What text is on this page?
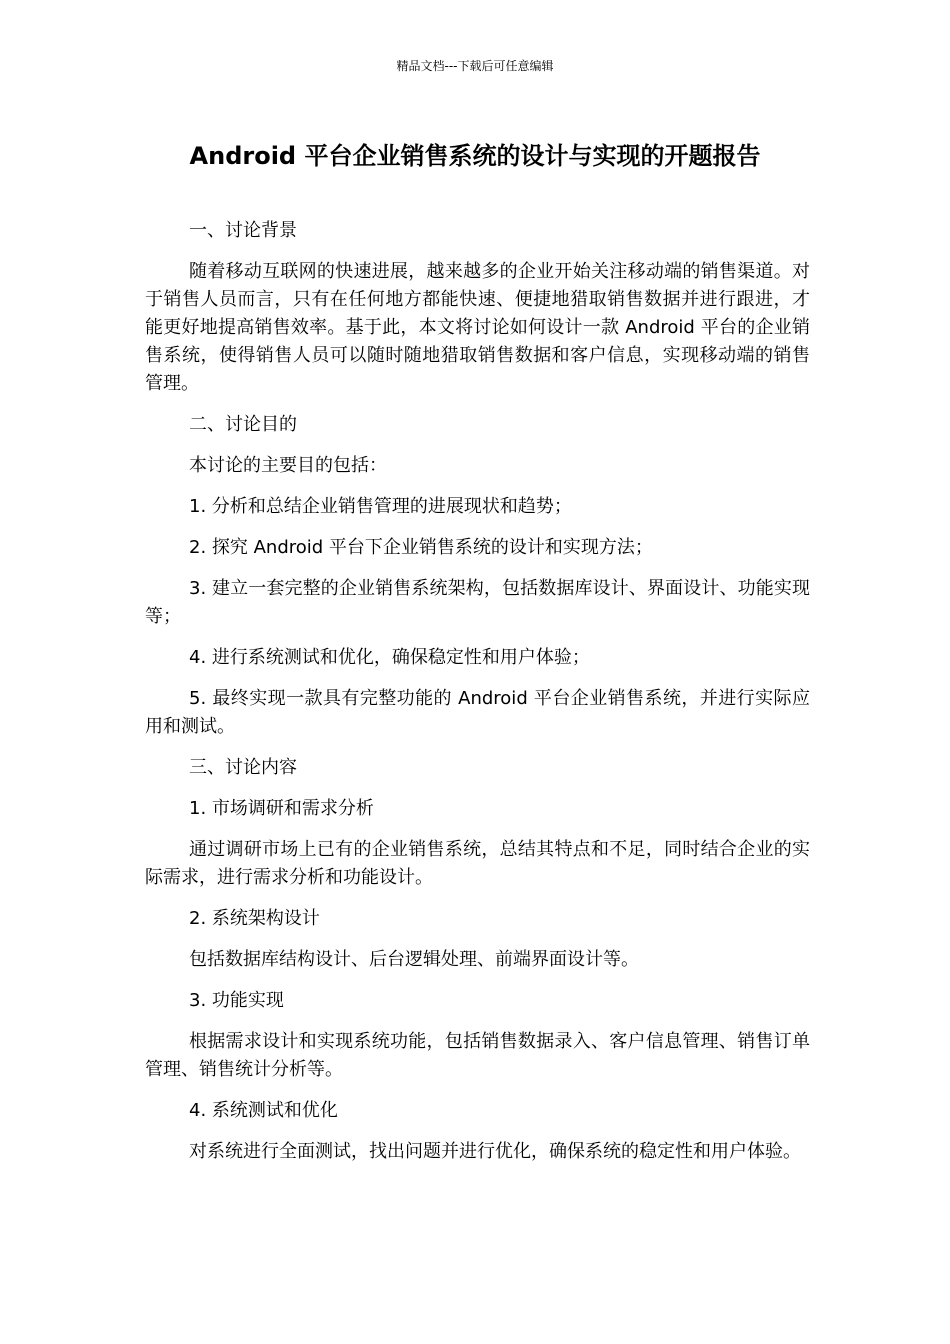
精品文档---下载后可任意编辑
Android 平台企业销售系统的设计与实现的开题报告

一、讨论背景

随着移动互联网的快速进展，越来越多的企业开始关注移动端的销售渠道。对于销售人员而言，只有在任何地方都能快速、便捷地猎取销售数据并进行跟进，才能更好地提高销售效率。基于此，本文将讨论如何设计一款 Android 平台的企业销售系统，使得销售人员可以随时随地猎取销售数据和客户信息，实现移动端的销售管理。

二、讨论目的

本讨论的主要目的包括：

1. 分析和总结企业销售管理的进展现状和趋势；

2. 探究 Android 平台下企业销售系统的设计和实现方法；

3. 建立一套完整的企业销售系统架构，包括数据库设计、界面设计、功能实现等；

4. 进行系统测试和优化，确保稳定性和用户体验；

5. 最终实现一款具有完整功能的 Android 平台企业销售系统，并进行实际应用和测试。

三、讨论内容

1. 市场调研和需求分析

通过调研市场上已有的企业销售系统，总结其特点和不足，同时结合企业的实际需求，进行需求分析和功能设计。

2. 系统架构设计

包括数据库结构设计、后台逻辑处理、前端界面设计等。

3. 功能实现

根据需求设计和实现系统功能，包括销售数据录入、客户信息管理、销售订单管理、销售统计分析等。

4. 系统测试和优化

对系统进行全面测试，找出问题并进行优化，确保系统的稳定性和用户体验。
